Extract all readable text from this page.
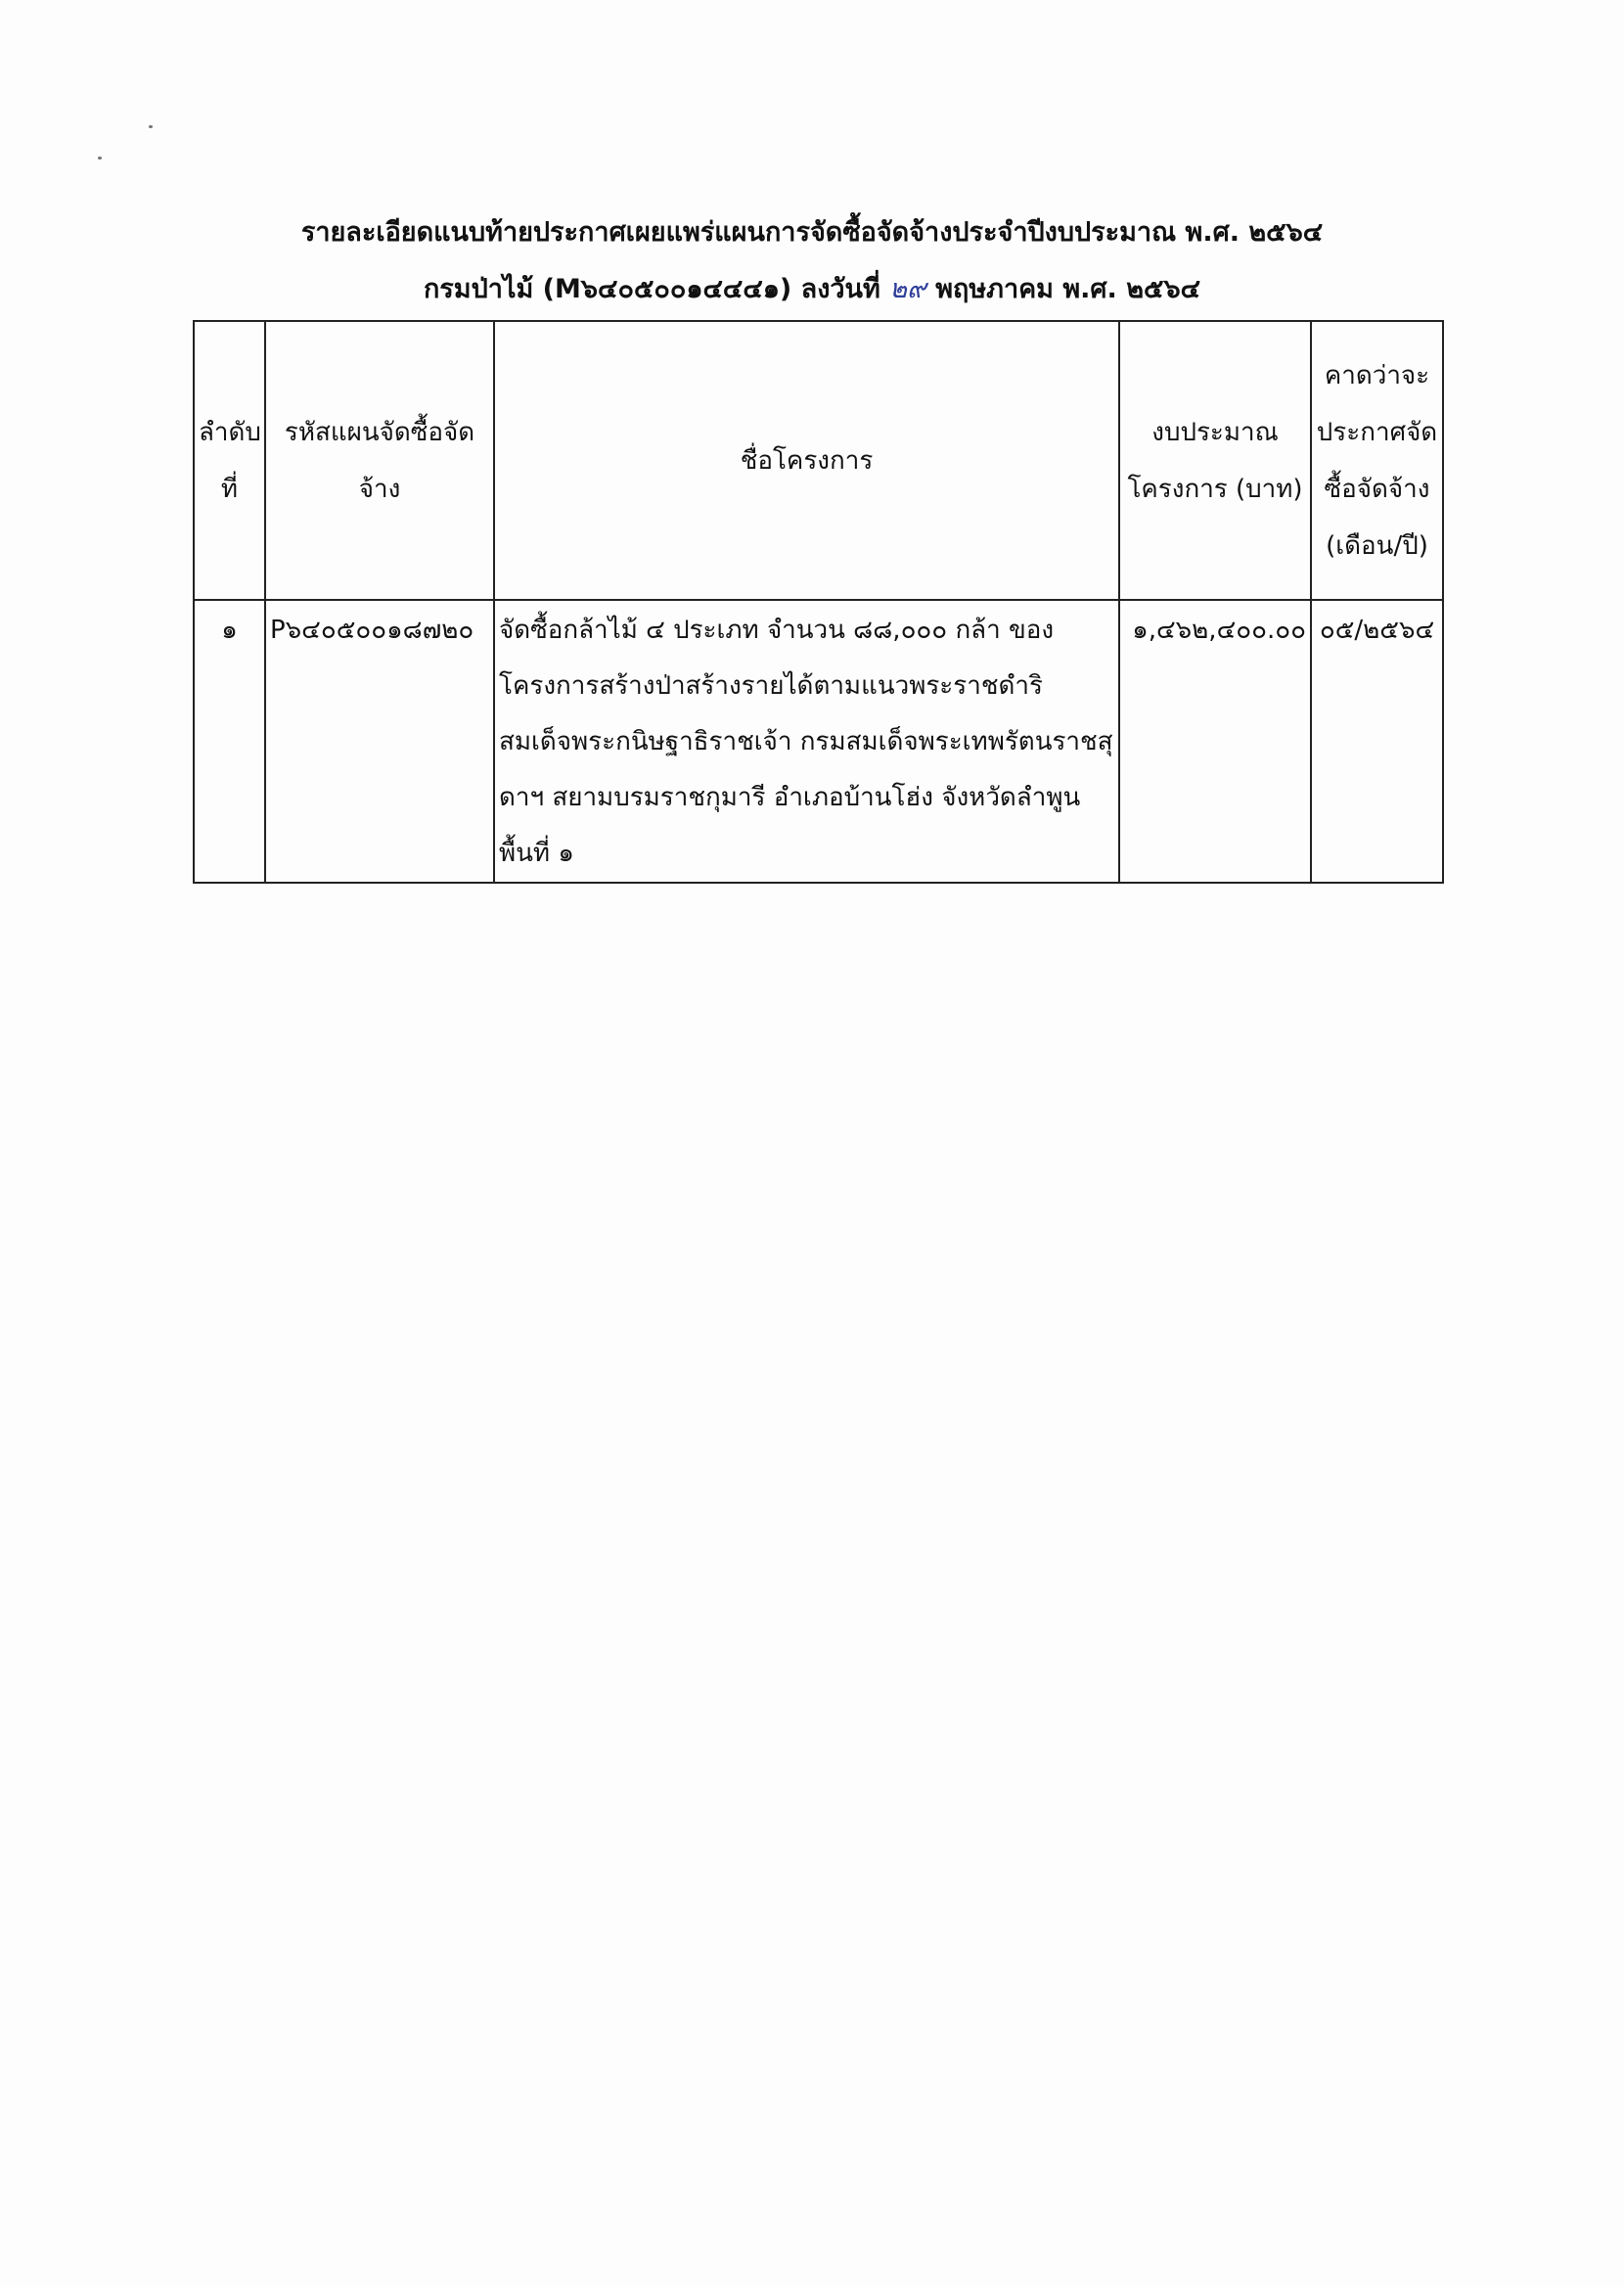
รายละเอียดแนบท้ายประกาศเผยแพร่แผนการจัดซื้อจัดจ้างประจำปีงบประมาณ พ.ศ. ๒๕๖๔
กรมป่าไม้ (M๖๔๐๕๐๐๑๔๔๔๑) ลงวันที่ ๒๙ พฤษภาคม พ.ศ. ๒๕๖๔
ลำดับที่	รหัสแผนจัดซื้อจัดจ้าง	ชื่อโครงการ	งบประมาณโครงการ (บาท)	คาดว่าจะประกาศจัดซื้อจัดจ้าง (เดือน/ปี)
๑	P๖๔๐๕๐๐๑๘๗๒๐	จัดซื้อกล้าไม้ ๔ ประเภท จำนวน ๘๘,๐๐๐ กล้า ของโครงการสร้างป่าสร้างรายได้ตามแนวพระราชดำริ สมเด็จพระกนิษฐาธิราชเจ้า กรมสมเด็จพระเทพรัตนราชสุดาฯ สยามบรมราชกุมารี อำเภอบ้านโฮ่ง จังหวัดลำพูน พื้นที่ ๑	๑,๔๖๒,๔๐๐.๐๐	๐๕/๒๕๖๔
